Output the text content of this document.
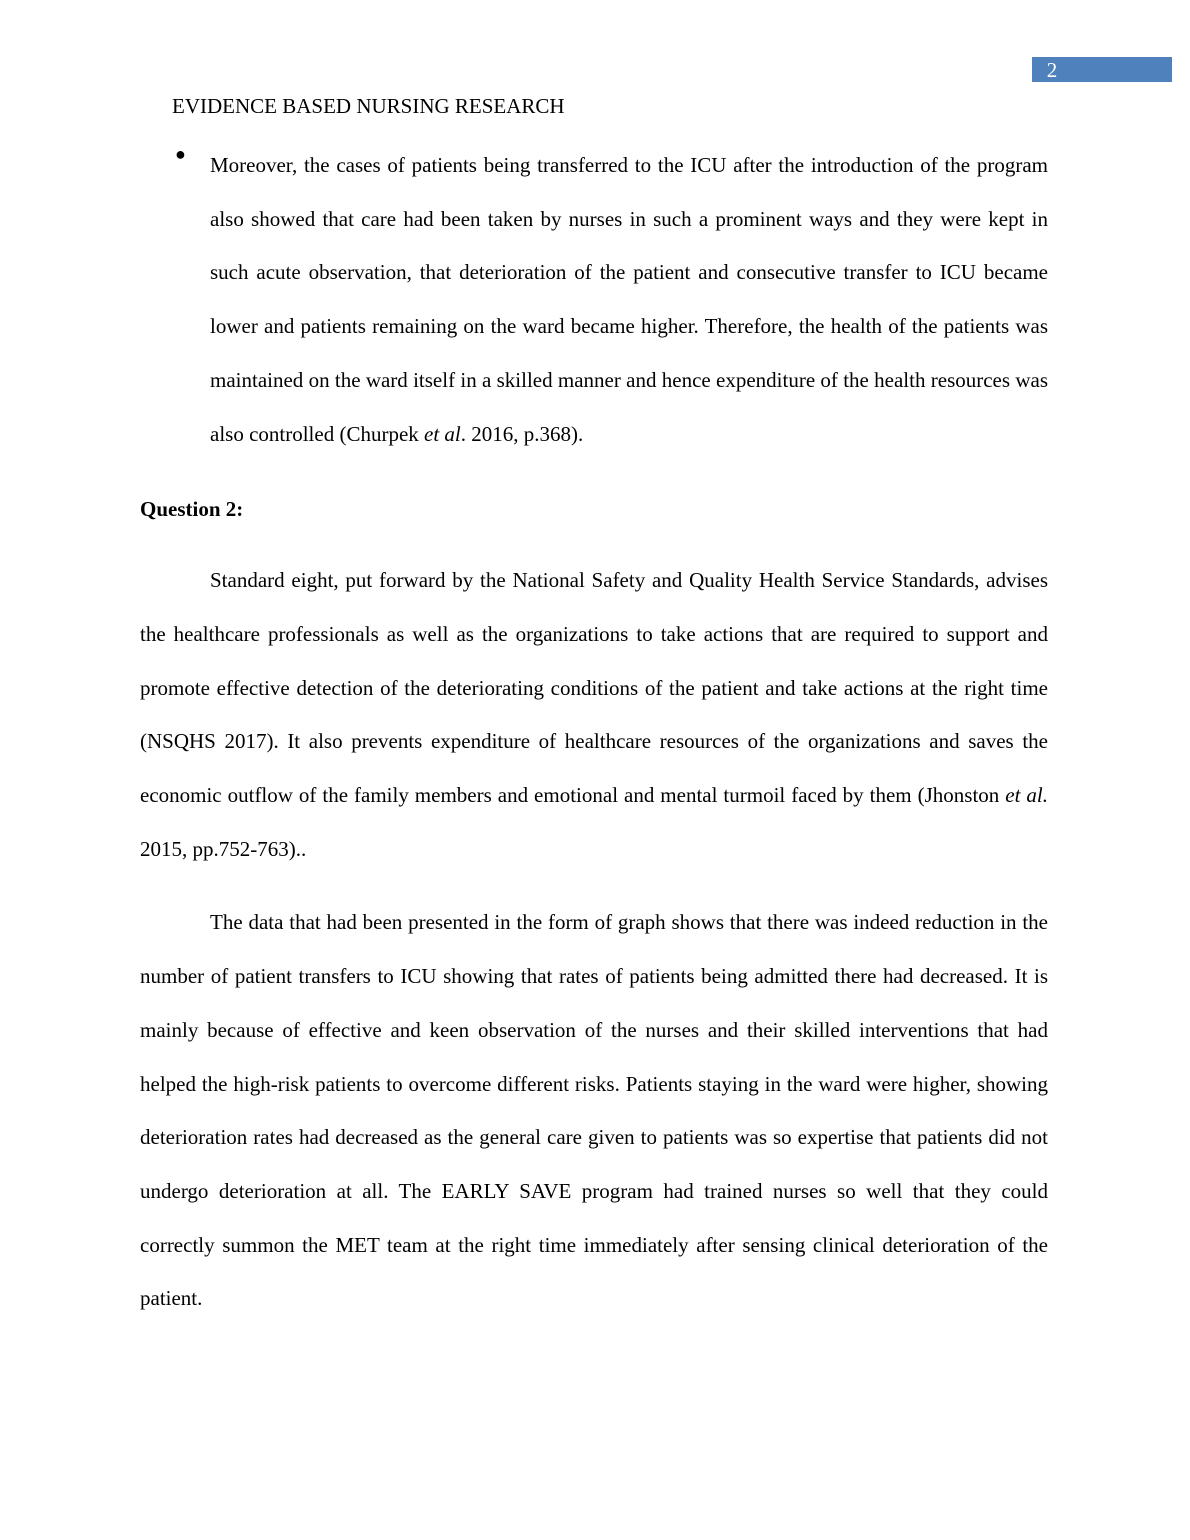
2
EVIDENCE BASED NURSING RESEARCH
● Moreover, the cases of patients being transferred to the ICU after the introduction of the program also showed that care had been taken by nurses in such a prominent ways and they were kept in such acute observation, that deterioration of the patient and consecutive transfer to ICU became lower and patients remaining on the ward became higher. Therefore, the health of the patients was maintained on the ward itself in a skilled manner and hence expenditure of the health resources was also controlled (Churpek et al. 2016, p.368).
Question 2:

Standard eight, put forward by the National Safety and Quality Health Service Standards, advises the healthcare professionals as well as the organizations to take actions that are required to support and promote effective detection of the deteriorating conditions of the patient and take actions at the right time (NSQHS 2017). It also prevents expenditure of healthcare resources of the organizations and saves the economic outflow of the family members and emotional and mental turmoil faced by them (Jhonston et al. 2015, pp.752-763)..

The data that had been presented in the form of graph shows that there was indeed reduction in the number of patient transfers to ICU showing that rates of patients being admitted there had decreased. It is mainly because of effective and keen observation of the nurses and their skilled interventions that had helped the high-risk patients to overcome different risks. Patients staying in the ward were higher, showing deterioration rates had decreased as the general care given to patients was so expertise that patients did not undergo deterioration at all. The EARLY SAVE program had trained nurses so well that they could correctly summon the MET team at the right time immediately after sensing clinical deterioration of the patient.
